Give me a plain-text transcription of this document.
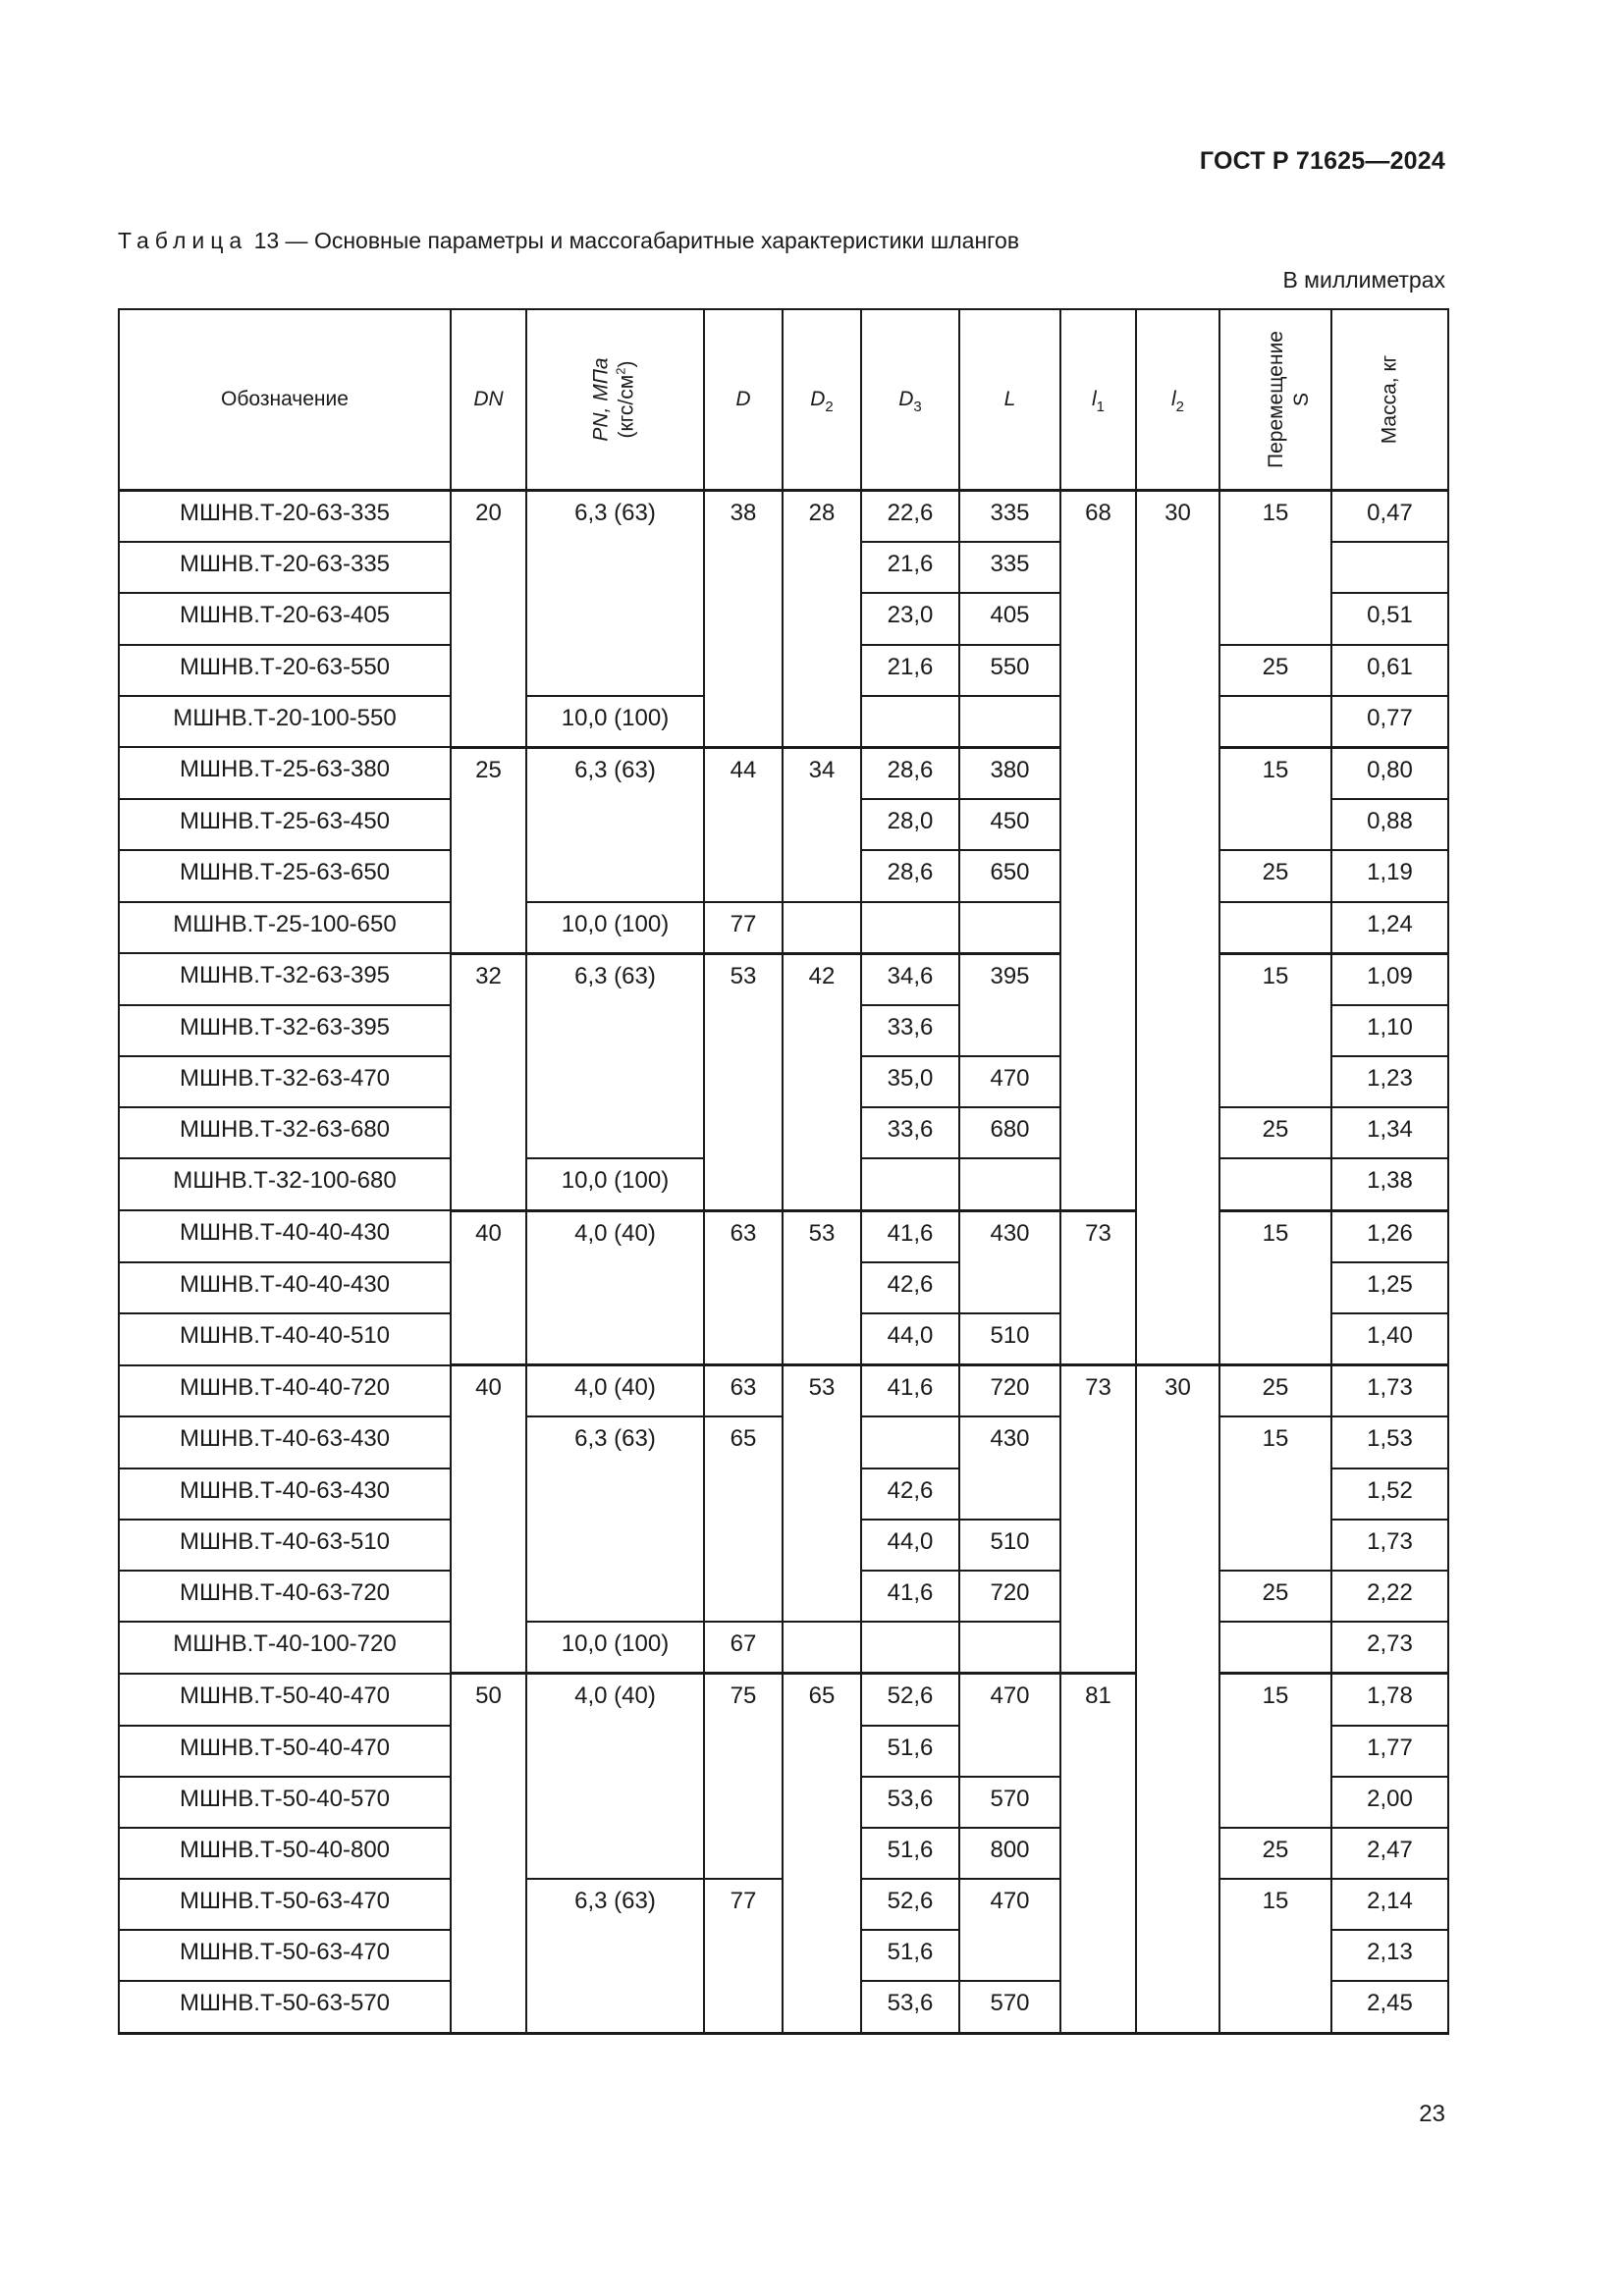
ГОСТ Р 71625—2024
Таблица 13 — Основные параметры и массогабаритные характеристики шлангов
В миллиметрах
Обозначение	DN	PN, МПа $(кгс/см^2)$	D	$D_2$	$D_3$	L	$l_1$	$l_2$	Перемещение S	Масса, кг
МШНВ.Т-20-63-335	20	6,3 (63)	38	28	22,6	335	68	30	15	0,47
МШНВ.Т-20-63-335					21,6	335				
МШНВ.Т-20-63-405					23,0	405				0,51
МШНВ.Т-20-63-550					21,6	550			25	0,61
МШНВ.Т-20-100-550		10,0 (100)								0,77
МШНВ.Т-25-63-380	25	6,3 (63)	44	34	28,6	380			15	0,80
МШНВ.Т-25-63-450					28,0	450				0,88
МШНВ.Т-25-63-650					28,6	650			25	1,19
МШНВ.Т-25-100-650		10,0 (100)	77							1,24
МШНВ.Т-32-63-395	32	6,3 (63)	53	42	34,6	395			15	1,09
МШНВ.Т-32-63-395					33,6					1,10
МШНВ.Т-32-63-470					35,0	470				1,23
МШНВ.Т-32-63-680					33,6	680			25	1,34
МШНВ.Т-32-100-680		10,0 (100)								1,38
МШНВ.Т-40-40-430	40	4,0 (40)	63	53	41,6	430	73		15	1,26
МШНВ.Т-40-40-430					42,6					1,25
МШНВ.Т-40-40-510					44,0	510				1,40
МШНВ.Т-40-40-720	40	4,0 (40)	63	53	41,6	720	73	30	25	1,73
МШНВ.Т-40-63-430		6,3 (63)	65			430			15	1,53
МШНВ.Т-40-63-430					42,6					1,52
МШНВ.Т-40-63-510					44,0	510				1,73
МШНВ.Т-40-63-720					41,6	720			25	2,22
МШНВ.Т-40-100-720		10,0 (100)	67							2,73
МШНВ.Т-50-40-470	50	4,0 (40)	75	65	52,6	470	81		15	1,78
МШНВ.Т-50-40-470					51,6					1,77
МШНВ.Т-50-40-570					53,6	570				2,00
МШНВ.Т-50-40-800					51,6	800			25	2,47
МШНВ.Т-50-63-470		6,3 (63)	77		52,6	470			15	2,14
МШНВ.Т-50-63-470					51,6					2,13
МШНВ.Т-50-63-570					53,6	570				2,45
23
